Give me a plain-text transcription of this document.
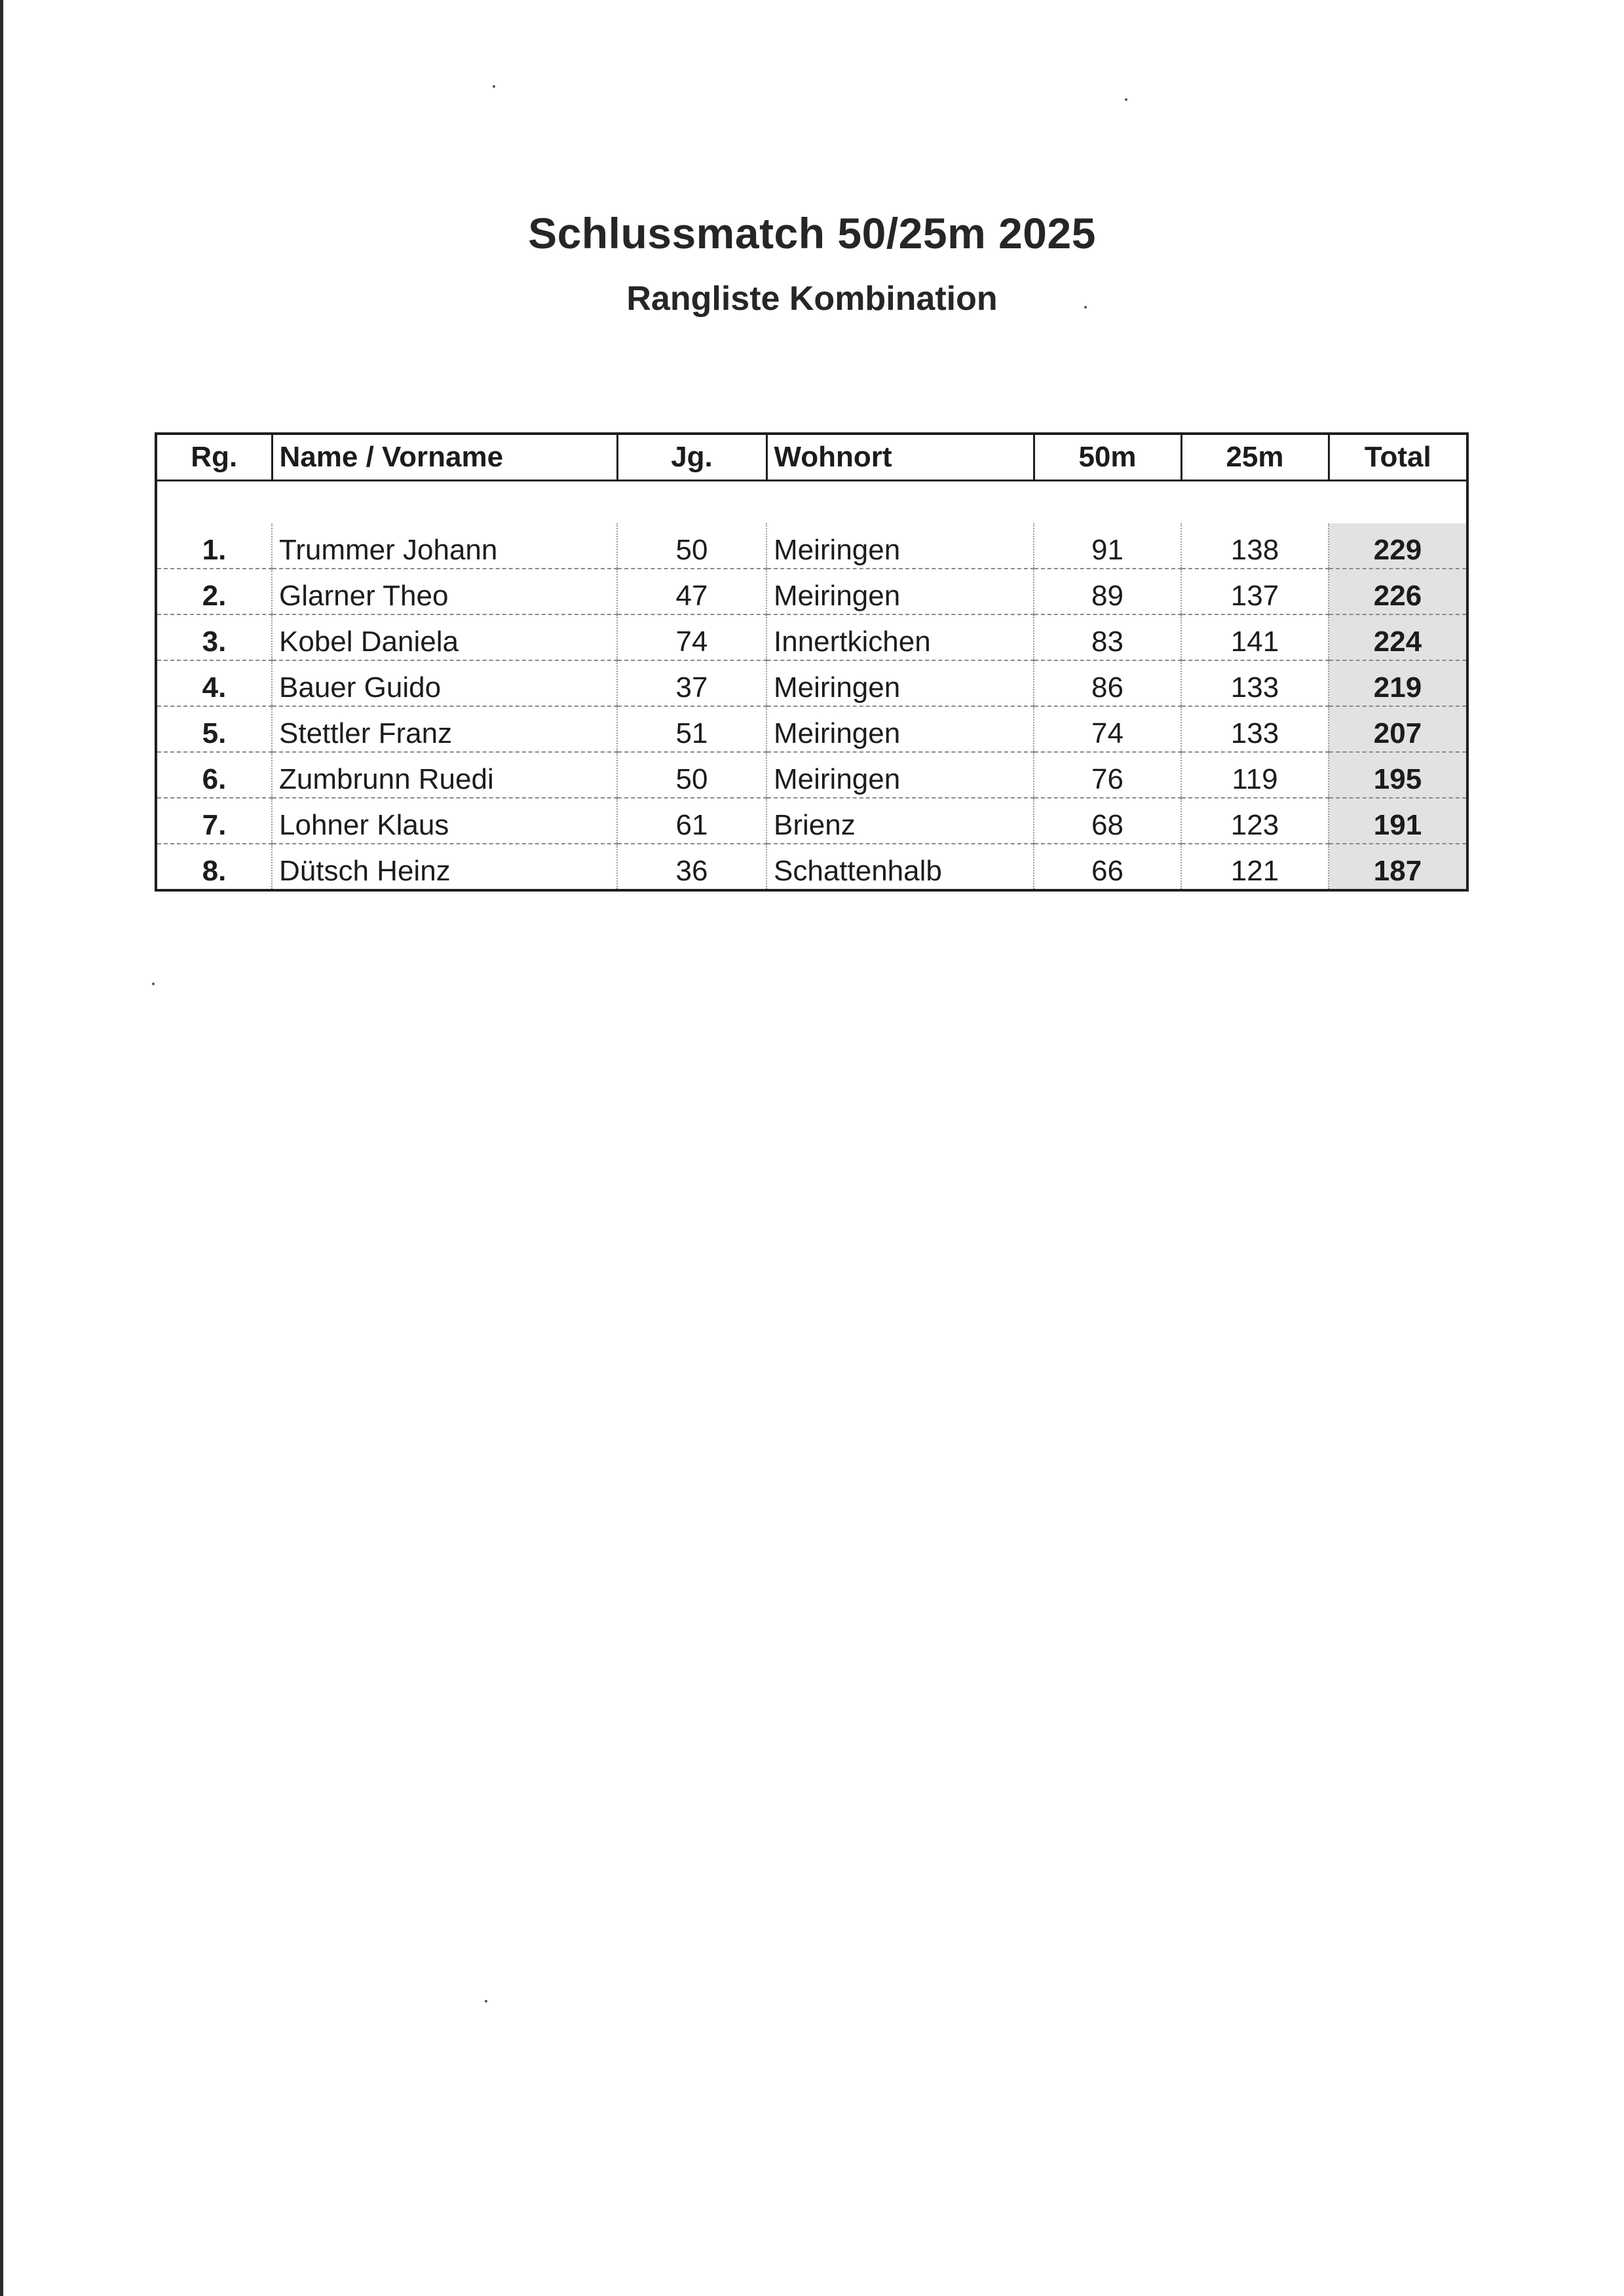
Schlussmatch 50/25m 2025
Rangliste Kombination
Rg.	Name / Vorname	Jg.	Wohnort	50m	25m	Total

1.	Trummer Johann	50	Meiringen	91	138	229
2.	Glarner Theo	47	Meiringen	89	137	226
3.	Kobel Daniela	74	Innertkichen	83	141	224
4.	Bauer Guido	37	Meiringen	86	133	219
5.	Stettler Franz	51	Meiringen	74	133	207
6.	Zumbrunn Ruedi	50	Meiringen	76	119	195
7.	Lohner Klaus	61	Brienz	68	123	191
8.	Dütsch Heinz	36	Schattenhalb	66	121	187
